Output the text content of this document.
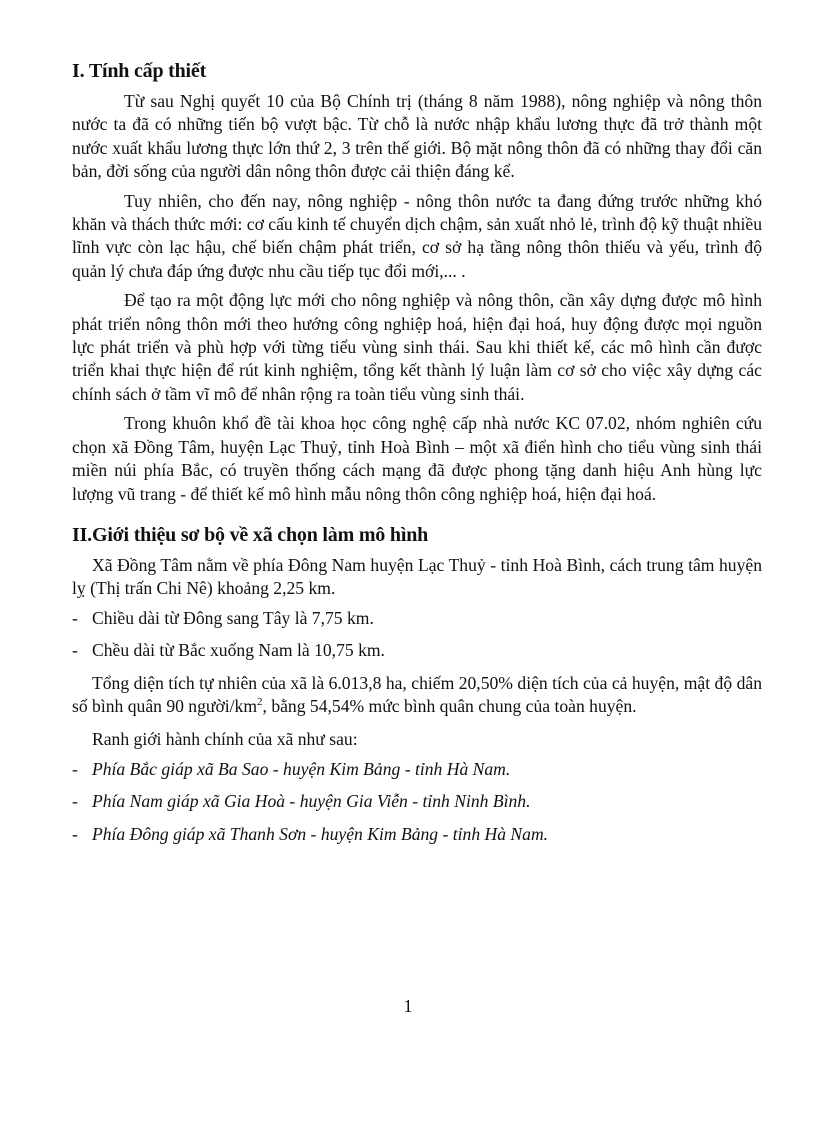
I. Tính cấp thiết

Từ sau Nghị quyết 10 của Bộ Chính trị (tháng 8 năm 1988), nông nghiệp và nông thôn nước ta đã có những tiến bộ vượt bậc. Từ chỗ là nước nhập khẩu lương thực đã trở thành một nước xuất khẩu lương thực lớn thứ 2, 3 trên thế giới. Bộ mặt nông thôn đã có những thay đổi căn bản, đời sống của người dân nông thôn được cải thiện đáng kể.

Tuy nhiên, cho đến nay, nông nghiệp - nông thôn nước ta đang đứng trước những khó khăn và thách thức mới: cơ cấu kinh tế chuyển dịch chậm, sản xuất nhỏ lẻ, trình độ kỹ thuật nhiều lĩnh vực còn lạc hậu, chế biến chậm phát triển, cơ sở hạ tầng nông thôn thiếu và yếu, trình độ quản lý chưa đáp ứng được nhu cầu tiếp tục đổi mới,... .

Để tạo ra một động lực mới cho nông nghiệp và nông thôn, cần xây dựng được mô hình phát triển nông thôn mới theo hướng công nghiệp hoá, hiện đại hoá, huy động được mọi nguồn lực phát triển và phù hợp với từng tiểu vùng sinh thái. Sau khi thiết kế, các mô hình cần được triển khai thực hiện để rút kinh nghiệm, tổng kết thành lý luận làm cơ sở cho việc xây dựng các chính sách ở tầm vĩ mô để nhân rộng ra toàn tiểu vùng sinh thái.

Trong khuôn khổ đề tài khoa học công nghệ cấp nhà nước KC 07.02, nhóm nghiên cứu chọn xã Đồng Tâm, huyện Lạc Thuỷ, tỉnh Hoà Bình – một xã điển hình cho tiểu vùng sinh thái miền núi phía Bắc, có truyền thống cách mạng đã được phong tặng danh hiệu Anh hùng lực lượng vũ trang - để thiết kế mô hình mẫu nông thôn công nghiệp hoá, hiện đại hoá.

II.Giới thiệu sơ bộ về xã chọn làm mô hình

Xã Đồng Tâm nằm về phía Đông Nam huyện Lạc Thuỷ - tỉnh Hoà Bình, cách trung tâm huyện lỵ (Thị trấn Chi Nê) khoảng 2,25 km.

- Chiều dài từ Đông sang Tây là 7,75 km.
- Chều dài từ Bắc xuống Nam là 10,75 km.

Tổng diện tích tự nhiên của xã là 6.013,8 ha, chiếm 20,50% diện tích của cả huyện, mật độ dân số bình quân 90 người/$km^2$, bằng 54,54% mức bình quân chung của toàn huyện.

Ranh giới hành chính của xã như sau:

- Phía Bắc giáp xã Ba Sao - huyện Kim Bảng - tỉnh Hà Nam.
- Phía Nam giáp xã Gia Hoà - huyện Gia Viễn - tỉnh Ninh Bình.
- Phía Đông giáp xã Thanh Sơn - huyện Kim Bảng - tỉnh Hà Nam.
1
